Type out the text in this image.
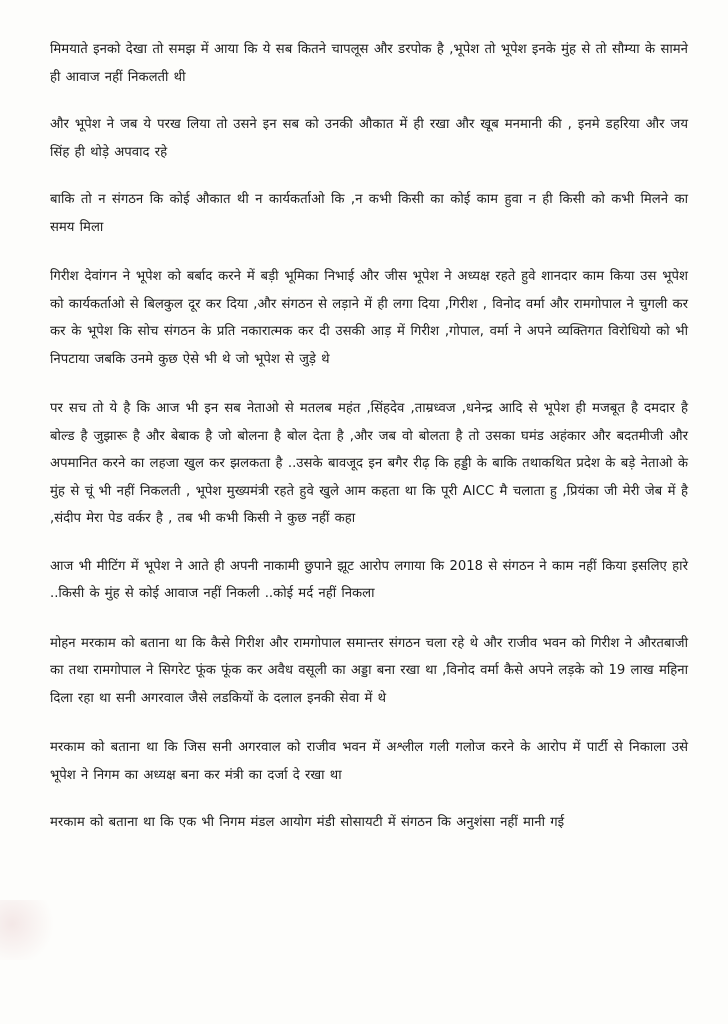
मिमयाते इनको देखा तो समझ में आया कि ये सब कितने चापलूस और डरपोक है ,भूपेश तो भूपेश इनके मुंह से तो सौम्या के सामने ही आवाज नहीं निकलती थी

और भूपेश ने जब ये परख लिया तो उसने इन सब को उनकी औकात में ही रखा और खूब मनमानी की , इनमे डहरिया और जय सिंह ही थोड़े अपवाद रहे

बाकि तो न संगठन कि कोई औकात थी न कार्यकर्ताओ कि ,न कभी किसी का कोई काम हुवा न ही किसी को कभी मिलने का समय मिला

गिरीश देवांगन ने भूपेश को बर्बाद करने में बड़ी भूमिका निभाई और जीस भूपेश ने अध्यक्ष रहते हुवे शानदार काम किया उस भूपेश को कार्यकर्ताओ से बिलकुल दूर कर दिया ,और संगठन से लड़ाने में ही लगा दिया ,गिरीश , विनोद वर्मा और रामगोपाल ने चुगली कर कर के भूपेश कि सोच संगठन के प्रति नकारात्मक कर दी उसकी आड़ में गिरीश ,गोपाल, वर्मा ने अपने व्यक्तिगत विरोधियो को भी निपटाया जबकि उनमे कुछ ऐसे भी थे जो भूपेश से जुड़े थे

पर सच तो ये है कि आज भी इन सब नेताओ से मतलब महंत ,सिंहदेव ,ताम्रध्वज ,धनेन्द्र आदि से भूपेश ही मजबूत है दमदार है बोल्ड है जुझारू है और बेबाक है जो बोलना है बोल देता है ,और जब वो बोलता है तो उसका घमंड अहंकार और बदतमीजी और अपमानित करने का लहजा खुल कर झलकता है ..उसके बावजूद इन बगैर रीढ़ कि हड्डी के बाकि तथाकथित प्रदेश के बड़े नेताओ के मुंह से चूं भी नहीं निकलती , भूपेश मुख्यमंत्री रहते हुवे खुले आम कहता था कि पूरी AICC मै चलाता हु ,प्रियंका जी मेरी जेब में है ,संदीप मेरा पेड वर्कर है , तब भी कभी किसी ने कुछ नहीं कहा

आज भी मीटिंग में भूपेश ने आते ही अपनी नाकामी छुपाने झूट आरोप लगाया कि 2018 से संगठन ने काम नहीं किया इसलिए हारे ..किसी के मुंह से कोई आवाज नहीं निकली ..कोई मर्द नहीं निकला

मोहन मरकाम को बताना था कि कैसे गिरीश और रामगोपाल समान्तर संगठन चला रहे थे और राजीव भवन को गिरीश ने औरतबाजी का तथा रामगोपाल ने सिगरेट फूंक फूंक कर अवैध वसूली का अड्डा बना रखा था ,विनोद वर्मा कैसे अपने लड़के को 19 लाख महिना दिला रहा था सनी अगरवाल जैसे लडकियों के दलाल इनकी सेवा में थे

मरकाम को बताना था कि जिस सनी अगरवाल को राजीव भवन में अश्लील गली गलोज करने के आरोप में पार्टी से निकाला उसे भूपेश ने निगम का अध्यक्ष बना कर मंत्री का दर्जा दे रखा था

मरकाम को बताना था कि एक भी निगम मंडल आयोग मंडी सोसायटी में संगठन कि अनुशंसा नहीं मानी गई
